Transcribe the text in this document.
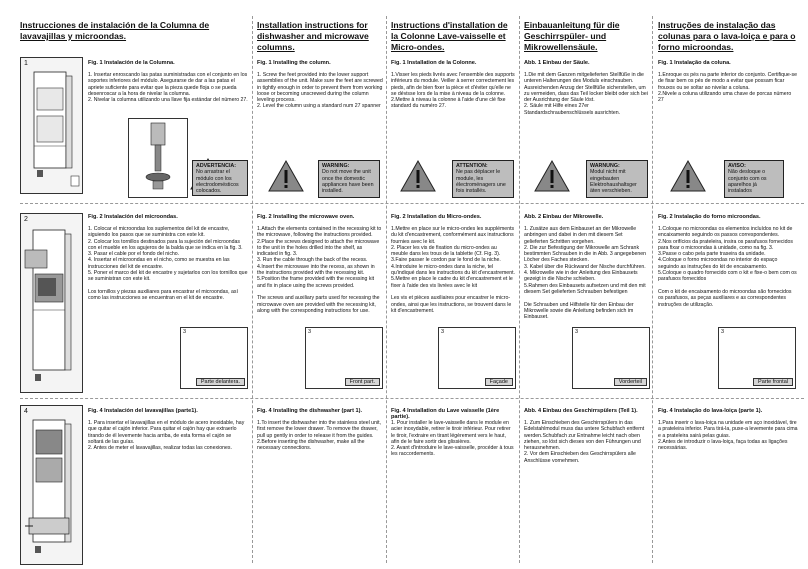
Instrucciones de instalación de la Columna de lavavajillas y microondas.
Installation instructions for dishwasher and microwave columns.
Instructions d'installation de la Colonne Lave-vaisselle et Micro-ondes.
Einbauanleitung für die Geschirrspüler- und Mikrowellensäule.
Instruções de instalação das colunas para o lava-loiça e para o forno microondas.
1	Fig. 1 Instalación de la Columna.
1. Insertar enroscando las patas suministradas con el conjunto en los soportes inferiores del módulo. Asegurarse de dar a las patas el apriete suficiente para evitar que la pieza quede floja o se pueda desenroscar a la hora de nivelar la columna.
2. Nivelar la columna utilizando una llave fija estándar del número 27.
Fig. 1 Installing the column.
1. Screw the feet provided into the lower support assemblies of the unit. Make sure the feet are screwed in tightly enough in order to prevent them from working loose or becoming unscrewed during the column leveling process.
2. Level the column using a standard num 27 spanner
Fig. 1 Installation de la Colonne.
1.Visser les pieds livrés avec l'ensemble des supports inférieurs du module. Veiller à serrer correctement les pieds, afin de bien fixer la pièce et d'éviter qu'elle ne se dévisse lors de la mise à niveau de la colonne.
2.Mettre à niveau la colonne à l'aide d'une clé fixe standard du numéro 27.
Abb. 1 Einbau der Säule.
1.Die mit dem Ganzen mitgelieferten Stellfüße in die unteren Halterungen des Moduls einschrauben. Ausreichenden Anzug der Stellfüße sicherstellen, um zu vermeiden, dass das Teil locker bleibt oder sich bei der Ausrichtung der Säule löst.
2. Säule mit Hilfe eines 27er Standardschraubenschlüssels ausrichten.
Fig. 1 Instalação da coluna.
1.Enroque os pés na parte inferior do conjunto. Certifique-se de fixar bem os pés de modo a evitar que possam ficar frouxos ou se soltar ao nivelar a coluna.
2.Nivele a coluna utilizando uma chave de porcas número 27
ADVERTENCIA:
No arrastrar el módulo con los electrodomésticos colocados.
WARNING:
Do not move the unit once the domestic appliances have been installed.
ATTENTION:
Ne pas déplacer le module, les électroménagers une fois installés.
WARNUNG:
Modul nicht mit eingebauten Elektrohaushaltsger äten verschieben.
AVISO:
Não desloque o conjunto com os aparelhos já instalados
2	Fig. 2 Instalación del microondas.
1. Colocar el microondas los suplementos del kit de encastre, siguiendo los pasos que se suministra con este kit.
2. Colocar los tornillos destinados para la sujeción del microondas con el mueble en los agujeros de la balda que se indica en la fig. 3.
3. Pasar el cable por el fondo del nicho.
4. Insertar el microondas en el nicho, como se muestra en las instrucciones del kit de encastre.
5. Poner el marco del kit de encastre y sujetarlos con los tornillos que se suministran con este kit.

Los tornillos y piezas auxiliares para encastrar el microondas, así como las instrucciones se encuentran en el kit de encastre.
Fig. 2 Installing the microwave oven.
1.Attach the elements contained in the recessing kit to the microwave, following the instructions provided.
2.Place the screws designed to attach the microwave to the unit in the holes drilled into the shelf, as indicated in fig. 3.
3. Run the cable through the back of the recess.
4.Insert the microwave into the recess, as shown in the instructions provided with the recessing kit.
5.Position the frame provided with the recessing kit and fix in place using the screws provided.

The screws and auxiliary parts used for recessing the microwave oven are provided with the recessing kit, along with the corresponding instructions for use.
Fig. 2 Installation du Micro-ondes.
1.Mettre en place sur le micro-ondes les suppléments du kit d'encastrement, conformément aux instructions fournies avec le kit.
2. Placer les vis de fixation du micro-ondes au meuble dans les trous de la tablette (Cf. Fig. 3).
3.Faire passer le cordon par le fond de la niche.
4.Introduire le micro-ondes dans la niche, tel qu'indiqué dans les instructions du kit d'encastrement.
5.Mettre en place le cadre du kit d'encastrement et le fixer à l'aide des vis livrées avec le kit

Les vis et pièces auxiliaires pour encastrer le micro-ondes, ainsi que les instructions, se trouvent dans le kit d'encastrement.
Abb. 2 Einbau der Mikrowelle.
1. Zusätze aus dem Einbauset an der Mikrowelle anbringen und dabei in den mit diesem Set gelieferten Schritten vorgehen.
2. Die zur Befestigung der Mikrowelle am Schrank bestimmten Schrauben in die in Abb. 3 angegebenen Löcher des Faches stecken.
3. Kabel über die Rückwand der Nische durchführen.
4. Mikrowelle wie in der Anleitung des Einbausets gezeigt in die Nische schieben.
5.Rahmen des Einbausets aufsetzen und mit den mit diesem Set gelieferten Schrauben befestigen

Die Schrauben und Hilfsteile für den Einbau der Mikrowelle sowie die Anleitung befinden sich im Einbauset.
Fig. 2 Instalação do forno microondas.
1.Coloque no microondas os elementos incluídos no kit de encaixamento seguindo os passos correspondentes.
2.Nos orifícios da prateleira, insira os parafusos fornecidos para fixar o microondas à unidade, como na fig. 3.
3.Passe o cabo pela parte traseira da unidade.
4.Coloque o forno microondas no interior do espaço seguindo as instruções do kit de encaixamento.
5.Coloque o quadro fornecido com o kit e fixe-o bem com os parafusos fornecidos

Com o kit de encaixamento do microondas são fornecidos os parafusos, as peças auxiliares e as correspondentes instruções de utilização.
3
Parte delantera.
3
Front part.
3
Façade
3
Vorderteil
3
Parte frontal
4	Fig. 4 Instalación del lavavajillas (parte1).
1. Para insertar el lavavajillas en el módulo de acero inoxidable, hay que quitar el cajón inferior. Para quitar el cajón hay que extraerlo tirando de él levemente hacia arriba, de esta forma el cajón se soltará de las guías.
2. Antes de meter el lavavajillas, realizar todas las conexiones.
Fig. 4 Installing the dishwasher (part 1).
1.To insert the dishwasher into the stainless steel unit, first remove the lower drawer. To remove the drawer, pull up gently in order to release it from the guides.
2.Before inserting the dishwasher, make all the necessary connections.
Fig. 4 Installation du Lave vaisselle (1ère partie).
1. Pour installer le lave-vaisselle dans le module en acier inoxydable, retirer le tiroir inférieur. Pour retirer le tiroir, l'extraire en tirant légèrement vers le haut, afin de le faire sortir des glissières.
2. Avant d'introduire le lave-vaisselle, procéder à tous les raccordements.
Abb. 4 Einbau des Geschirrspülers (Teil 1).
1. Zum Einschieben des Geschirrspülers in das Edelstahlmodul muss das untere Schubfach entfernt werden.Schubfach zur Entnahme leicht nach oben ziehen, so löst sich dieses von den Führungen und herausnehmen.
2. Vor dem Einschieben des Geschirrspülers alle Anschlüsse vornehmen.
Fig. 4 Instalação do lava-loiça (parte 1).
1.Para inserir o lava-loiça na unidade em aço inoxidável, tire a prateleira inferior. Para tirá-la, puxe-a levemente para cima e a prateleira sairá pelas guias.
2.Antes de introduzir o lava-loiça, faça todas as ligações necessárias.
